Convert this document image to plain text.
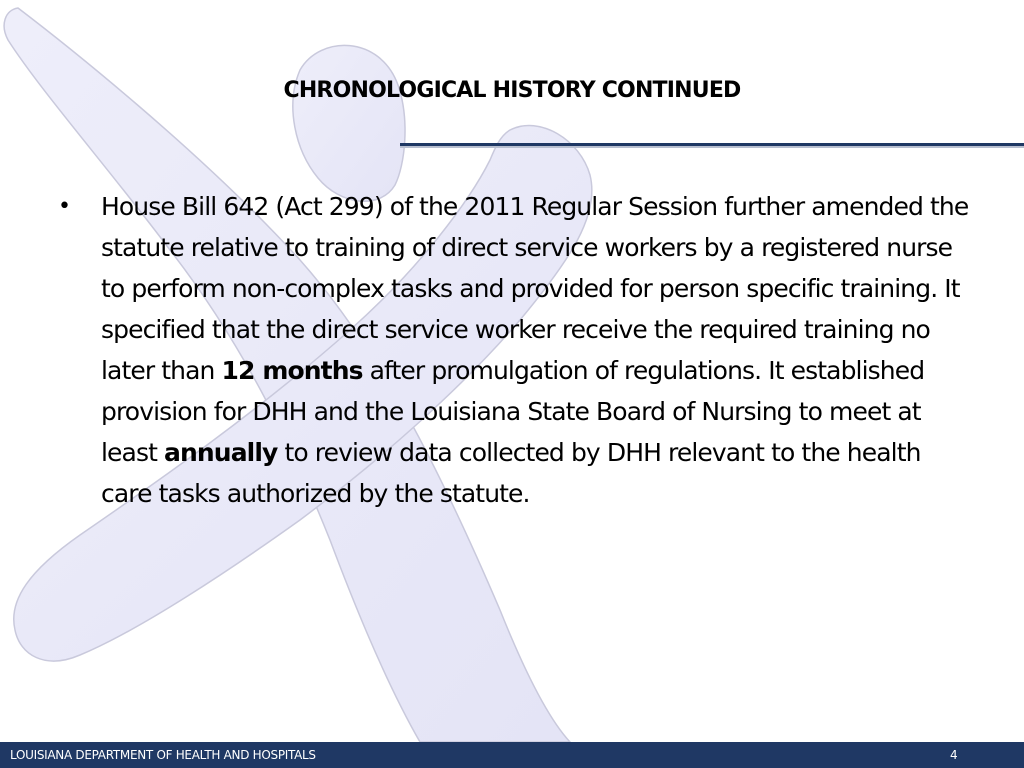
CHRONOLOGICAL HISTORY CONTINUED
• House Bill 642 (Act 299) of the 2011 Regular Session further amended the statute relative to training of direct service workers by a registered nurse to perform non-complex tasks and provided for person specific training. It specified that the direct service worker receive the required training no later than 12 months after promulgation of regulations. It established provision for DHH and the Louisiana State Board of Nursing to meet at least annually to review data collected by DHH relevant to the health care tasks authorized by the statute.
LOUISIANA DEPARTMENT OF HEALTH AND HOSPITALS	4
